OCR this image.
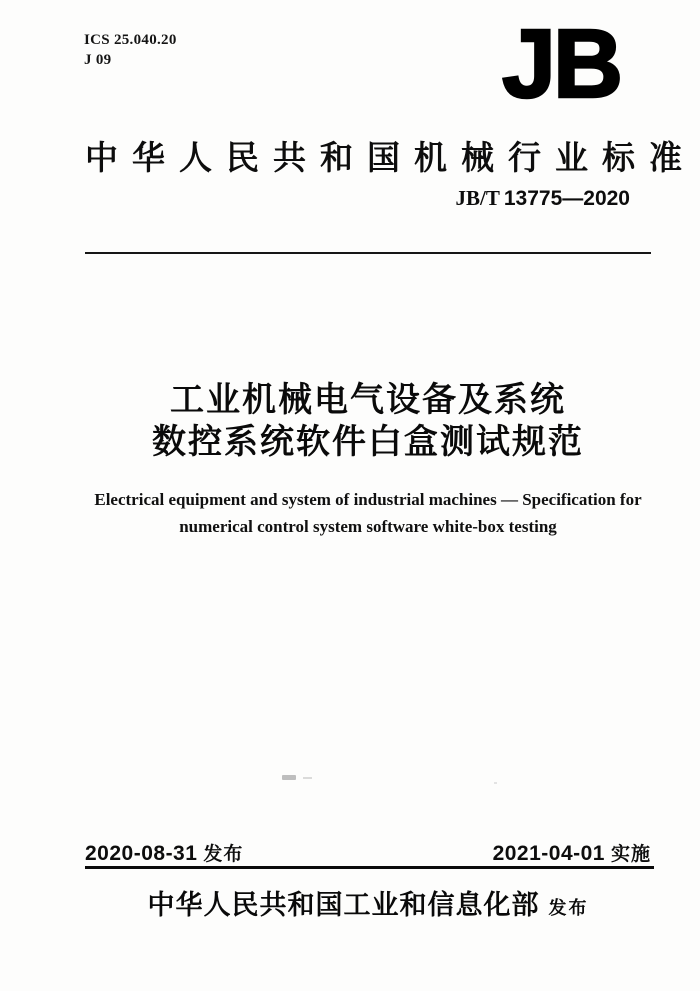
ICS 25.040.20
J 09	JB
中华人民共和国机械行业标准
JB/T 13775—2020
工业机械电气设备及系统
数控系统软件白盒测试规范
Electrical equipment and system of industrial machines — Specification for
numerical control system software white-box testing
2020-08-31 发布	2021-04-01 实施
中华人民共和国工业和信息化部 发布
